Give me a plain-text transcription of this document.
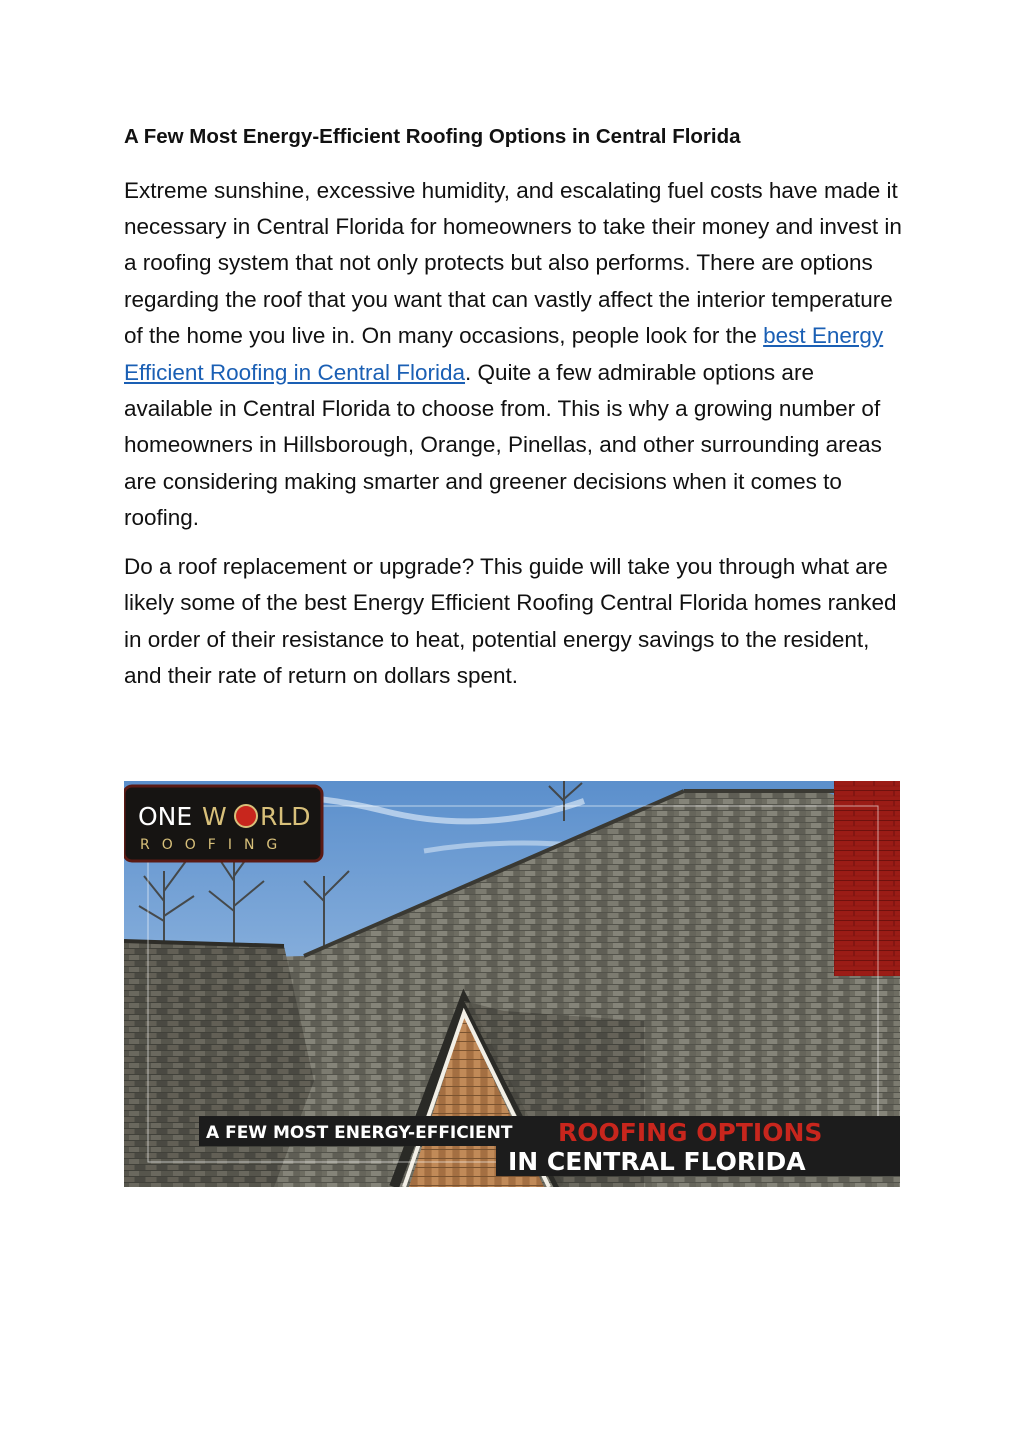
A Few Most Energy-Efficient Roofing Options in Central Florida

Extreme sunshine, excessive humidity, and escalating fuel costs have made it necessary in Central Florida for homeowners to take their money and invest in a roofing system that not only protects but also performs. There are options regarding the roof that you want that can vastly affect the interior temperature of the home you live in. On many occasions, people look for the best Energy Efficient Roofing in Central Florida. Quite a few admirable options are available in Central Florida to choose from. This is why a growing number of homeowners in Hillsborough, Orange, Pinellas, and other surrounding areas are considering making smarter and greener decisions when it comes to roofing.

Do a roof replacement or upgrade? This guide will take you through what are likely some of the best Energy Efficient Roofing Central Florida homes ranked in order of their resistance to heat, potential energy savings to the resident, and their rate of return on dollars spent.

ONE W RLD
ROOFING
A FEW MOST ENERGY-EFFICIENT ROOFING OPTIONS
IN CENTRAL FLORIDA
